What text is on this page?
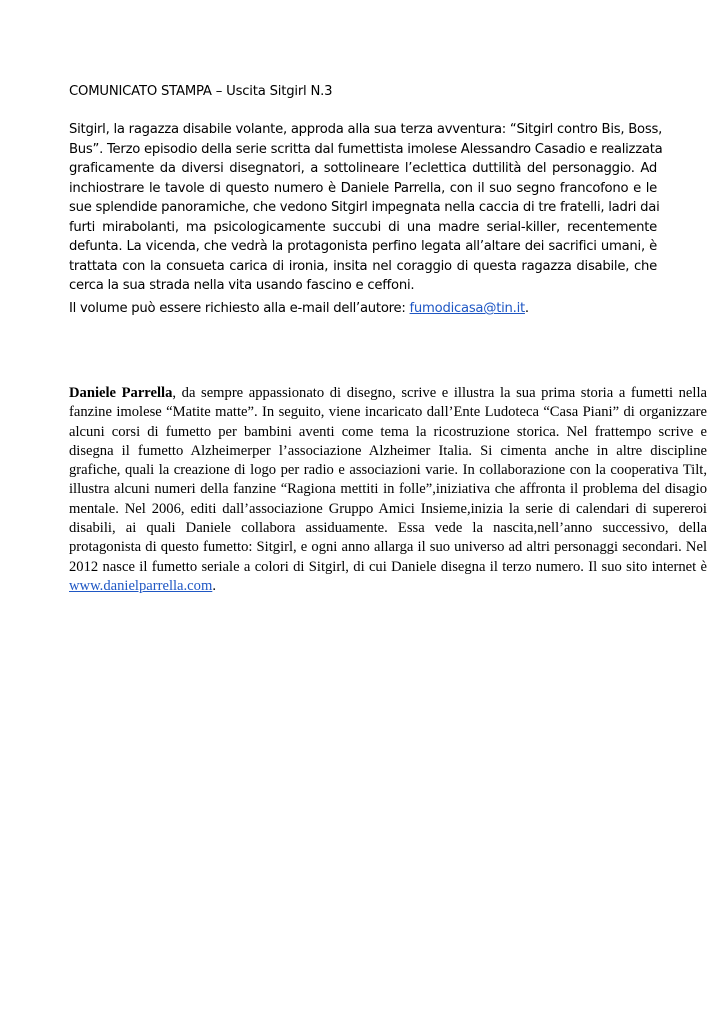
COMUNICATO STAMPA – Uscita Sitgirl N.3
Sitgirl, la ragazza disabile volante, approda alla sua terza avventura: “Sitgirl contro Bis, Boss,
Bus”. Terzo episodio della serie scritta dal fumettista imolese Alessandro Casadio e realizzata
graficamente da diversi disegnatori, a sottolineare l’eclettica duttilità del personaggio. Ad
inchiostrare le tavole di questo numero è Daniele Parrella, con il suo segno francofono e le
sue splendide panoramiche, che vedono Sitgirl impegnata nella caccia di tre fratelli, ladri dai
furti mirabolanti, ma psicologicamente succubi di una madre serial-killer, recentemente
defunta. La vicenda, che vedrà la protagonista perfino legata all’altare dei sacrifici umani, è
trattata con la consueta carica di ironia, insita nel coraggio di questa ragazza disabile, che
cerca la sua strada nella vita usando fascino e ceffoni.
Il volume può essere richiesto alla e-mail dell’autore: fumodicasa@tin.it.
Daniele Parrella, da sempre appassionato di disegno, scrive e illustra la sua prima storia a fumetti nella
fanzine imolese “Matite matte”. In seguito, viene incaricato dall’Ente Ludoteca “Casa Piani” di organizzare
alcuni corsi di fumetto per bambini aventi come tema la ricostruzione storica. Nel frattempo scrive e
disegna il fumetto Alzheimerper l’associazione Alzheimer Italia. Si cimenta anche in altre discipline
grafiche, quali la creazione di logo per radio e associazioni varie. In collaborazione con la cooperativa Tilt,
illustra alcuni numeri della fanzine “Ragiona mettiti in folle”,iniziativa che affronta il problema del disagio
mentale. Nel 2006, editi dall’associazione Gruppo Amici Insieme,inizia la serie di calendari di supereroi
disabili, ai quali Daniele collabora assiduamente. Essa vede la nascita,nell’anno successivo, della
protagonista di questo fumetto: Sitgirl, e ogni anno allarga il suo universo ad altri personaggi secondari. Nel
2012 nasce il fumetto seriale a colori di Sitgirl, di cui Daniele disegna il terzo numero. Il suo sito internet è
www.danielparrella.com.
